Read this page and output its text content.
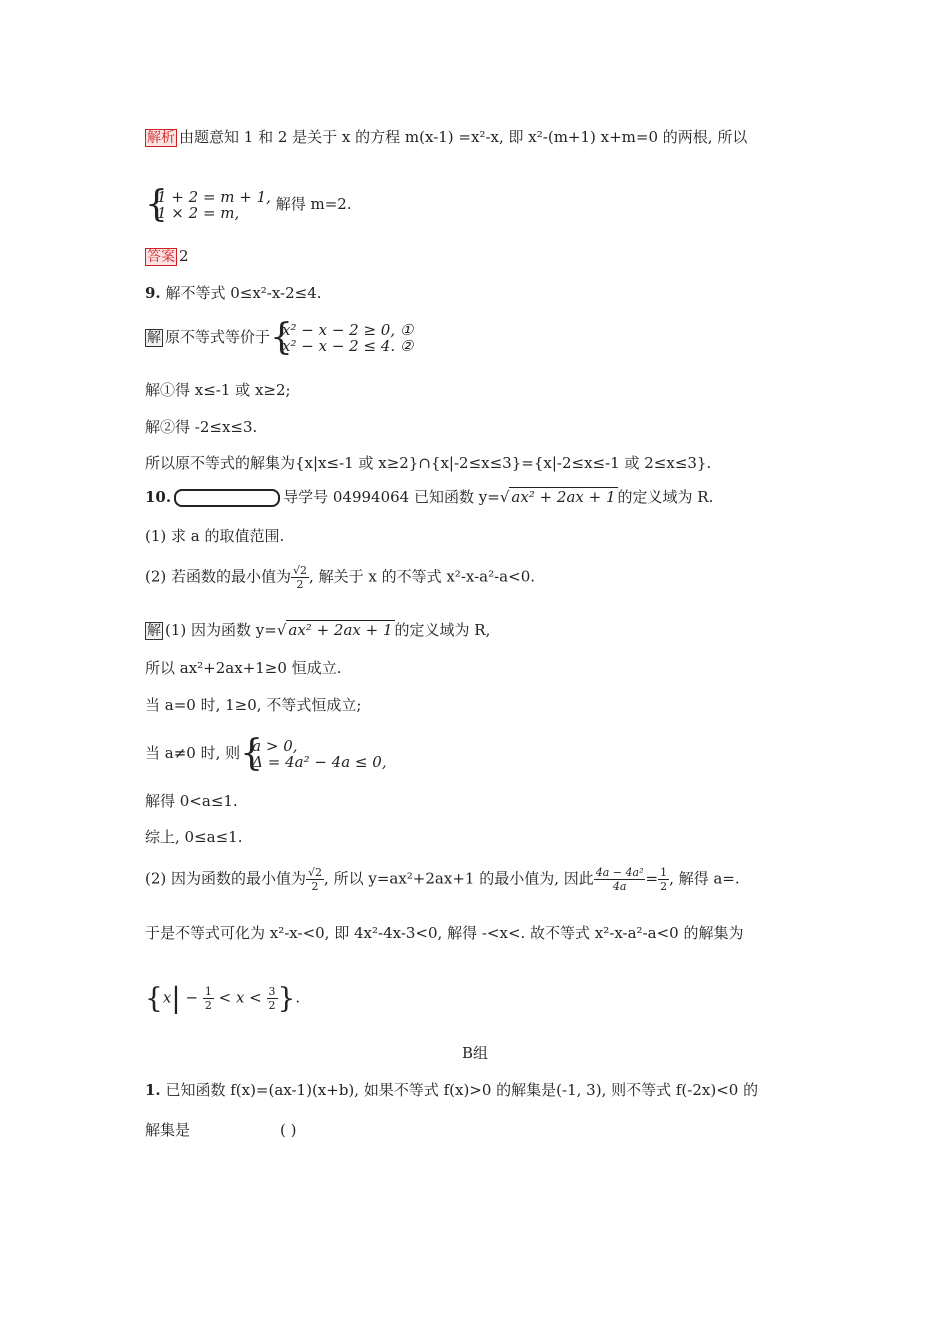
解析 由题意知 1 和 2 是关于 x 的方程 m(x-1) =x²-x, 即 x²-(m+1) x+m=0 的两根, 所以
{
1 + 2 = m + 1,
1 × 2 = m,	解得 m=2.
答案 2
9. 解不等式 0≤x²-x-2≤4.
解 原不等式等价于 {
x² − x − 2 ≥ 0, ①
x² − x − 2 ≤ 4. ②
解①得 x≤-1 或 x≥2;
解②得 -2≤x≤3.
所以原不等式的解集为{x|x≤-1 或 x≥2}∩{x|-2≤x≤3}={x|-2≤x≤-1 或 2≤x≤3}.
10.	导学号 04994064 已知函数 y=√ ax² + 2ax + 1 的定义域为 R.
(1) 求 a 的取值范围.
(2) 若函数的最小值为 $\frac{√2}{2}$ , 解关于 x 的不等式 x²-x-a²-a<0.
解 (1) 因为函数 y=√ ax² + 2ax + 1 的定义域为 R,
所以 ax²+2ax+1≥0 恒成立.
当 a=0 时, 1≥0, 不等式恒成立;
当 a≠0 时, 则 {
a > 0,
Δ = 4a² − 4a ≤ 0,
解得 0<a≤1.
综上, 0≤a≤1.
(2) 因为函数的最小值为 $\frac{√2}{2}$ , 所以 y=ax²+2ax+1 的最小值为, 因此 $\frac{\text{4a − 4a²}}{4a} = \frac{1}{2}$ , 解得 a=.
于是不等式可化为 x²-x-<0, 即 4x²-4x-3<0, 解得 -<x<. 故不等式 x²-x-a²-a<0 的解集为
{$x| - \frac{1}{2} < x < \frac{3}{2}$ }.
B组
1. 已知函数 f(x)=(ax-1)(x+b), 如果不等式 f(x)>0 的解集是(-1, 3), 则不等式 f(-2x)<0 的
解集是	( )
